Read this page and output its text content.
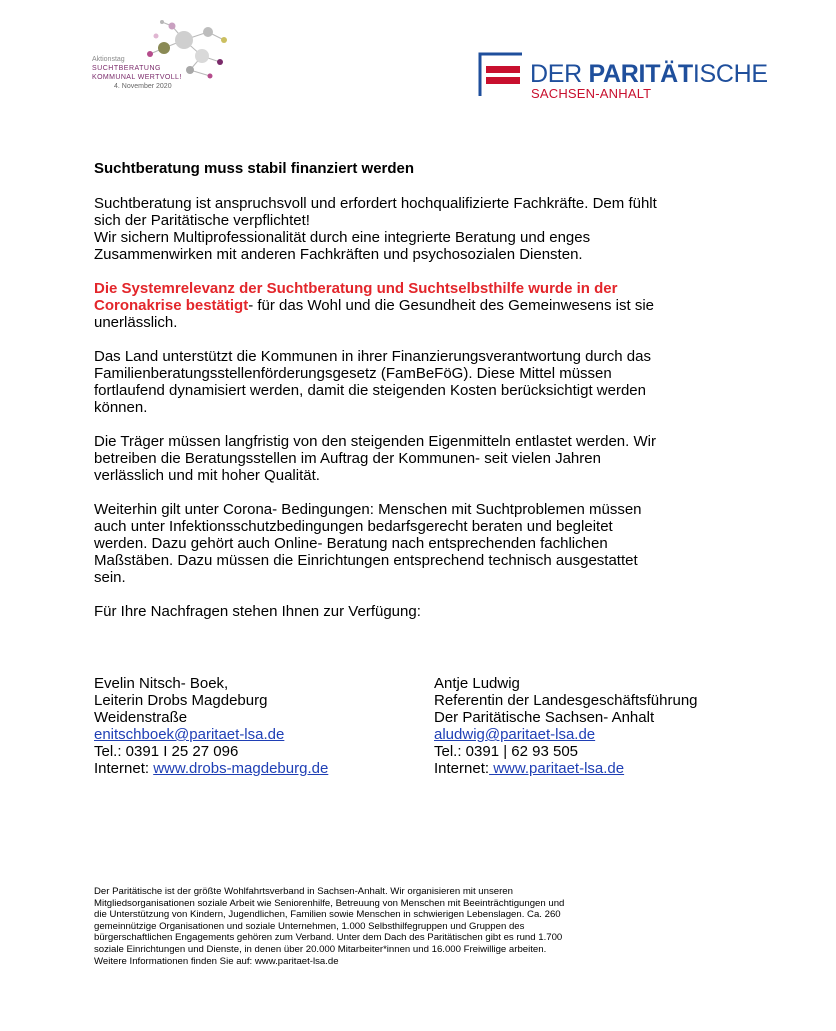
Aktionstag
SUCHTBERATUNG
KOMMUNAL WERTVOLL!
4. November 2020	DER PARITÄTISCHE
SACHSEN-ANHALT
Suchtberatung muss stabil finanziert werden
Suchtberatung ist anspruchsvoll und erfordert hochqualifizierte Fachkräfte. Dem fühlt
sich der Paritätische verpflichtet!
Wir sichern Multiprofessionalität durch eine integrierte Beratung und enges
Zusammenwirken mit anderen Fachkräften und psychosozialen Diensten.
Die Systemrelevanz der Suchtberatung und Suchtselbsthilfe wurde in der
Coronakrise bestätigt- für das Wohl und die Gesundheit des Gemeinwesens ist sie
unerlässlich.
Das Land unterstützt die Kommunen in ihrer Finanzierungsverantwortung durch das
Familienberatungsstellenförderungsgesetz (FamBeFöG). Diese Mittel müssen
fortlaufend dynamisiert werden, damit die steigenden Kosten berücksichtigt werden
können.
Die Träger müssen langfristig von den steigenden Eigenmitteln entlastet werden. Wir
betreiben die Beratungsstellen im Auftrag der Kommunen- seit vielen Jahren
verlässlich und mit hoher Qualität.
Weiterhin gilt unter Corona- Bedingungen: Menschen mit Suchtproblemen müssen
auch unter Infektionsschutzbedingungen bedarfsgerecht beraten und begleitet
werden. Dazu gehört auch Online- Beratung nach entsprechenden fachlichen
Maßstäben. Dazu müssen die Einrichtungen entsprechend technisch ausgestattet
sein.
Für Ihre Nachfragen stehen Ihnen zur Verfügung:
Evelin Nitsch- Boek,
Leiterin Drobs Magdeburg
Weidenstraße
enitschboek@paritaet-lsa.de
Tel.: 0391 I 25 27 096
Internet: www.drobs-magdeburg.de
Antje Ludwig
Referentin der Landesgeschäftsführung
Der Paritätische Sachsen- Anhalt
aludwig@paritaet-lsa.de
Tel.: 0391 | 62 93 505
Internet: www.paritaet-lsa.de
Der Paritätische ist der größte Wohlfahrtsverband in Sachsen-Anhalt. Wir organisieren mit unseren
Mitgliedsorganisationen soziale Arbeit wie Seniorenhilfe, Betreuung von Menschen mit Beeinträchtigungen und
die Unterstützung von Kindern, Jugendlichen, Familien sowie Menschen in schwierigen Lebenslagen. Ca. 260
gemeinnützige Organisationen und soziale Unternehmen, 1.000 Selbsthilfegruppen und Gruppen des
bürgerschaftlichen Engagements gehören zum Verband. Unter dem Dach des Paritätischen gibt es rund 1.700
soziale Einrichtungen und Dienste, in denen über 20.000 Mitarbeiter*innen und 16.000 Freiwillige arbeiten.
Weitere Informationen finden Sie auf: www.paritaet-lsa.de
